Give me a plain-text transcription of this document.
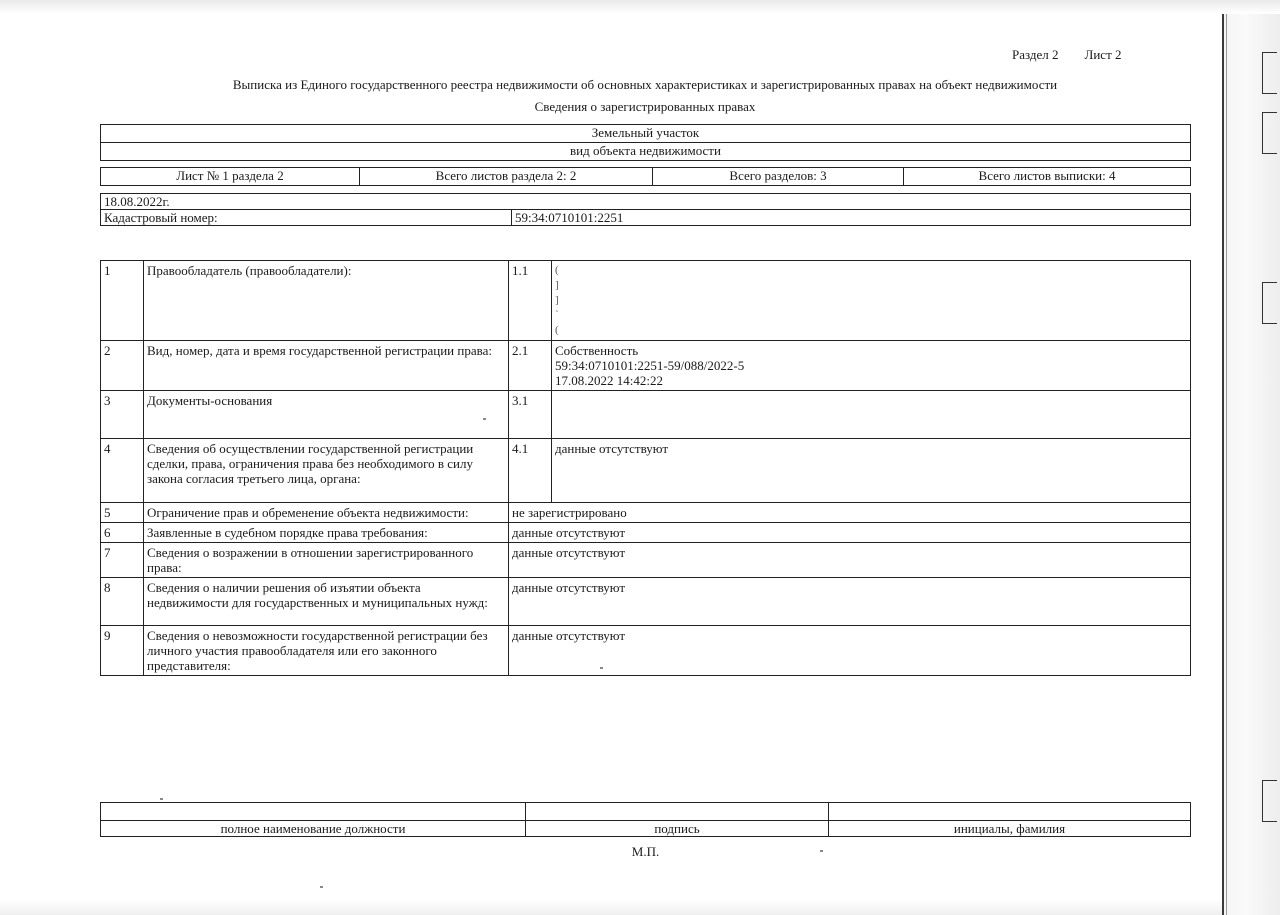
Раздел 2 Лист 2
Выписка из Единого государственного реестра недвижимости об основных характеристиках и зарегистрированных правах на объект недвижимости
Сведения о зарегистрированных правах
Земельный участок
вид объекта недвижимости
Лист № 1 раздела 2	Всего листов раздела 2: 2	Всего разделов: 3	Всего листов выписки: 4
18.08.2022г.
Кадастровый номер:	59:34:0710101:2251
1	Правообладатель (правообладатели):	1.1	(
]
]
`
(

2	Вид, номер, дата и время государственной регистрации права:	2.1	Собственность
59:34:0710101:2251-59/088/2022-5
17.08.2022 14:42:22

3	Документы-основания	3.1	
4	Сведения об осуществлении государственной регистрации сделки, права, ограничения права без необходимого в силу закона согласия третьего лица, органа:	4.1	данные отсутствуют
5	Ограничение прав и обременение объекта недвижимости:	не зарегистрировано	
6	Заявленные в судебном порядке права требования:	данные отсутствуют	
7	Сведения о возражении в отношении зарегистрированного права:	данные отсутствуют	
8	Сведения о наличии решения об изъятии объекта недвижимости для государственных и муниципальных нужд:	данные отсутствуют	
9	Сведения о невозможности государственной регистрации без личного участия правообладателя или его законного представителя:	данные отсутствуют	

полное наименование должности	подпись	инициалы, фамилия
М.П.
